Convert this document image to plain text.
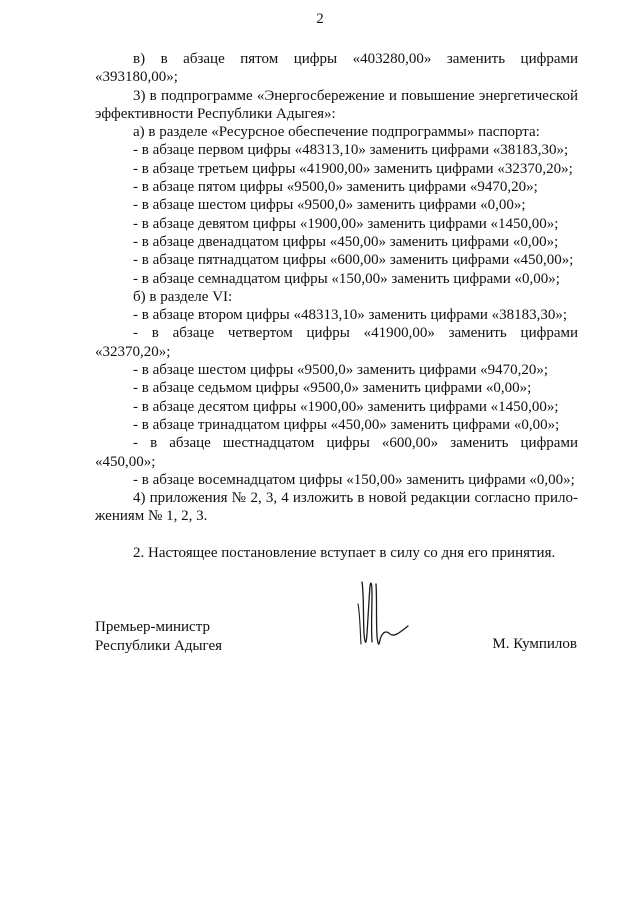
2

в) в абзаце пятом цифры «403280,00» заменить цифрами

«393180,00»;

3) в подпрограмме «Энергосбережение и повышение энергетической

эффективности Республики Адыгея»:

а) в разделе «Ресурсное обеспечение подпрограммы» паспорта:

- в абзаце первом цифры «48313,10» заменить цифрами «38183,30»;

- в абзаце третьем цифры «41900,00» заменить цифрами «32370,20»;

- в абзаце пятом цифры «9500,0» заменить цифрами «9470,20»;

- в абзаце шестом цифры «9500,0» заменить цифрами «0,00»;

- в абзаце девятом цифры «1900,00» заменить цифрами «1450,00»;

- в абзаце двенадцатом цифры «450,00» заменить цифрами «0,00»;

- в абзаце пятнадцатом цифры «600,00» заменить цифрами «450,00»;

- в абзаце семнадцатом цифры «150,00» заменить цифрами «0,00»;

б) в разделе VI:

- в абзаце втором цифры «48313,10» заменить цифрами «38183,30»;

- в абзаце четвертом цифры «41900,00» заменить цифрами

«32370,20»;

- в абзаце шестом цифры «9500,0» заменить цифрами «9470,20»;

- в абзаце седьмом цифры «9500,0» заменить цифрами «0,00»;

- в абзаце десятом цифры «1900,00» заменить цифрами «1450,00»;

- в абзаце тринадцатом цифры «450,00» заменить цифрами «0,00»;

- в абзаце шестнадцатом цифры «600,00» заменить цифрами

«450,00»;

- в абзаце восемнадцатом цифры «150,00» заменить цифрами «0,00»;

4) приложения № 2, 3, 4 изложить в новой редакции согласно прило-

жениям № 1, 2, 3.

2. Настоящее постановление вступает в силу со дня его принятия.

Премьер-министр
Республики Адыгея	М. Кумпилов
